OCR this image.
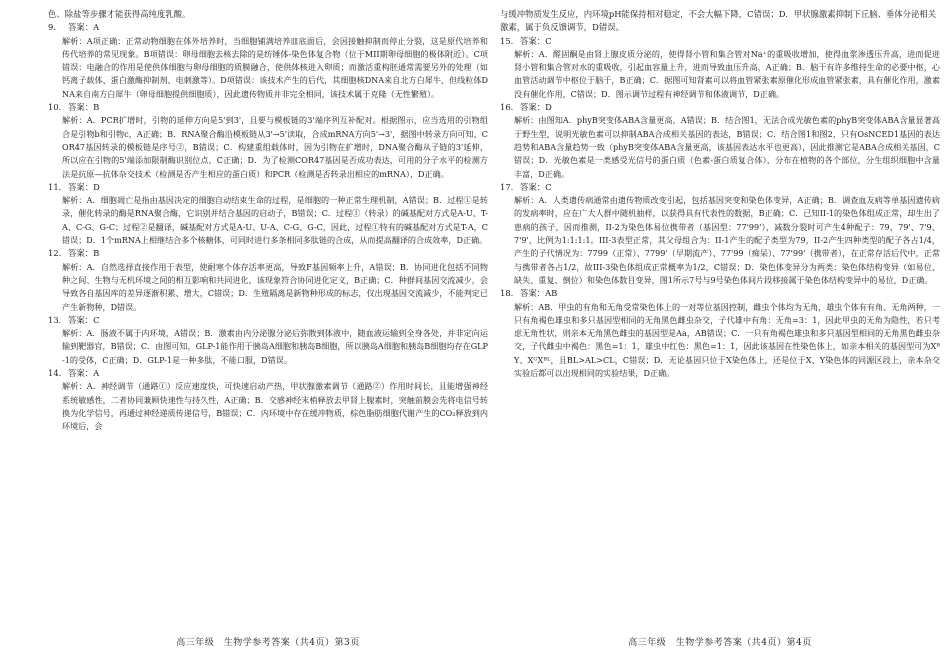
色、除盐等步骤才能获得高纯度乳酸。

9. 答案：A

解析：A项正确：正常动物细胞在体外培养时，当细胞铺满培养皿底面后，会因接触抑制而停止分裂，这是原代培养和传代培养的常见现象。B项错误：卵母细胞去核去除的是纺锤体-染色体复合物（位于MII期卵母细胞的极体附近）。C项错误：电融合的作用是使供体细胞与卵母细胞的质膜融合，使供体核进入卵质；而激活重构胚通常需要另外的处理（如钙离子载体、蛋白激酶抑制剂、电刺激等）。D项错误：该技术产生的后代，其细胞核DNA来自北方白犀牛，但线粒体DNA来自南方白犀牛（卵母细胞提供细胞质），因此遗传物质并非完全相同，该技术属于克隆（无性繁殖）。

10. 答案：B

解析：A．PCR扩增时，引物的延伸方向是5'到3'，且要与模板链的3'端序列互补配对。根据图示，应当选用的引物组合是引物b和引物c，A正确；B．RNA聚合酶沿模板链从3'→5'读取，合成mRNA方向5'→3'，据图中转录方向可知，COR47基因转录的模板链是序号②，B错误；C．构建重组载体时，因为引物在扩增时，DNA聚合酶从子链的3'延伸，所以应在引物的5'端添加限制酶识别位点，C正确；D．为了检测COR47基因是否成功表达，可用的分子水平的检测方法是抗原—抗体杂交技术（检测是否产生相应的蛋白质）和PCR（检测是否转录出相应的mRNA），D正确。

11. 答案：D

解析：A．细胞凋亡是指由基因决定的细胞自动结束生命的过程，是细胞的一种正常生理机制，A错误；B．过程①是转录，催化转录的酶是RNA聚合酶，它识别并结合基因的启动子，B错误；C．过程①（转录）的碱基配对方式是A-U、T-A、C-G、G-C；过程②是翻译，碱基配对方式是A-U、U-A、C-G、G-C，因此，过程①特有的碱基配对方式是T-A，C错误；D．1个mRNA上相继结合多个核糖体，可同时进行多条相同多肽链的合成，从而提高翻译的合成效率，D正确。

12. 答案：B

解析：A．自然选择直接作用于表型，使耐寒个体存活率更高，导致F基因频率上升，A错误；B．协同进化包括不同物种之间、生物与无机环境之间的相互影响和共同进化，该现象符合协同进化定义，B正确；C．种群间基因交流减少，会导致各自基因库的差异逐渐积累、增大，C错误；D．生殖隔离是新物种形成的标志，仅出现基因交流减少，不能判定已产生新物种，D错误。

13. 答案：C

解析：A．肠液不属于内环境，A错误；B．激素由内分泌腺分泌后弥散到体液中，随血液运输到全身各处，并非定向运输到靶器官，B错误；C．由图可知，GLP-1能作用于胰岛A细胞和胰岛B细胞，所以胰岛A细胞和胰岛B细胞均存在GLP-1的受体，C正确；D．GLP-1是一种多肽，不能口服，D错误。

14. 答案：A

解析：A．神经调节（通路①）反应速度快，可快速启动产热，甲状腺激素调节（通路②）作用时间长，且能增强神经系统敏感性，二者协同兼顾快速性与持久性，A正确；B．交感神经末梢释放去甲肾上腺素时，突触前膜会先将电信号转换为化学信号，再通过神经递质传递信号，B错误；C．内环境中存在缓冲物质，棕色脂肪细胞代谢产生的CO₂释放到内环境后，会

高三年级　生物学参考答案（共4页）第3页

与缓冲物质发生反应，内环境pH能保持相对稳定，不会大幅下降，C错误；D．甲状腺激素抑制下丘脑、垂体分泌相关激素，属于负反馈调节，D错误。

15. 答案：C

解析：A．醛固酮是由肾上腺皮质分泌的，使得肾小管和集合管对Na⁺的重吸收增加，使得血浆渗透压升高，进而促进肾小管和集合管对水的重吸收，引起血容量上升，进而导致血压升高，A正确；B．脑干有许多维持生命的必要中枢，心血管活动调节中枢位于脑干，B正确；C．据图可知肾素可以将血管紧张素原催化形成血管紧张素，具有催化作用，激素没有催化作用，C错误；D．图示调节过程有神经调节和体液调节，D正确。

16. 答案：D

解析：由图知A．phyB突变体ABA含量更高，A错误；B．结合图1，无法合成光敏色素的phyB突变体ABA含量显著高于野生型，说明光敏色素可以抑制ABA合成相关基因的表达，B错误；C．结合图1和图2，只有OsNCED1基因的表达趋势和ABA含量趋势一致（phyB突变体ABA含量更高，该基因表达水平也更高），因此推测它是ABA合成相关基因，C错误；D．光敏色素是一类感受光信号的蛋白质（色素-蛋白质复合体），分布在植物的各个部位，分生组织细胞中含量丰富，D正确。

17. 答案：C

解析：A．人类遗传病通常由遗传物质改变引起，包括基因突变和染色体变异，A正确；B．调查血友病等单基因遗传病的发病率时，应在广大人群中随机抽样，以获得具有代表性的数据，B正确；C．已知II-1的染色体组成正常，却生出了患病的孩子，因而推测，II-2为染色体易位携带者（基因型：77'99'），减数分裂时可产生4种配子：79、79'、7'9、7'9'，比例为1:1:1:1。III-3表型正常，其父母组合为：II-1产生的配子类型为79，II-2产生四种类型的配子各占1/4，产生的子代情况为：7799（正常）、7799'（早期流产）、77'99（痴呆）、77'99'（携带者），在正常存活后代中，正常与携带者各占1/2，故III-3染色体组成正常概率为1/2，C错误；D．染色体变异分为两类：染色体结构变异（如易位、缺失、重复、倒位）和染色体数目变异，图1所示7号与9号染色体间片段移接属于染色体结构变异中的易位，D正确。

18. 答案：AB

解析：AB．甲虫的有角和无角受常染色体上的一对等位基因控制，雌虫个体均为无角，雄虫个体有有角、无角两种，一只有角褐色雄虫和多只基因型相同的无角黑色雌虫杂交，子代雄中有角：无角=3：1，因此甲虫的无角为隐性，若只考虑无角性状，则亲本无角黑色雌虫的基因型是Aa，AB错误；C．一只有角褐色雄虫和多只基因型相同的无角黑色雌虫杂交，子代雌虫中褐色：黑色=1：1，雄虫中红色：黑色=1：1，因此该基因在性染色体上，如亲本相关的基因型可为XᴮY、XᴳXᴮᴸ，且BL>AL>CL，C错误；D．无论基因只位于X染色体上，还是位于X、Y染色体的同源区段上，亲本杂交实验后都可以出现相同的实验结果，D正确。

高三年级　生物学参考答案（共4页）第4页
